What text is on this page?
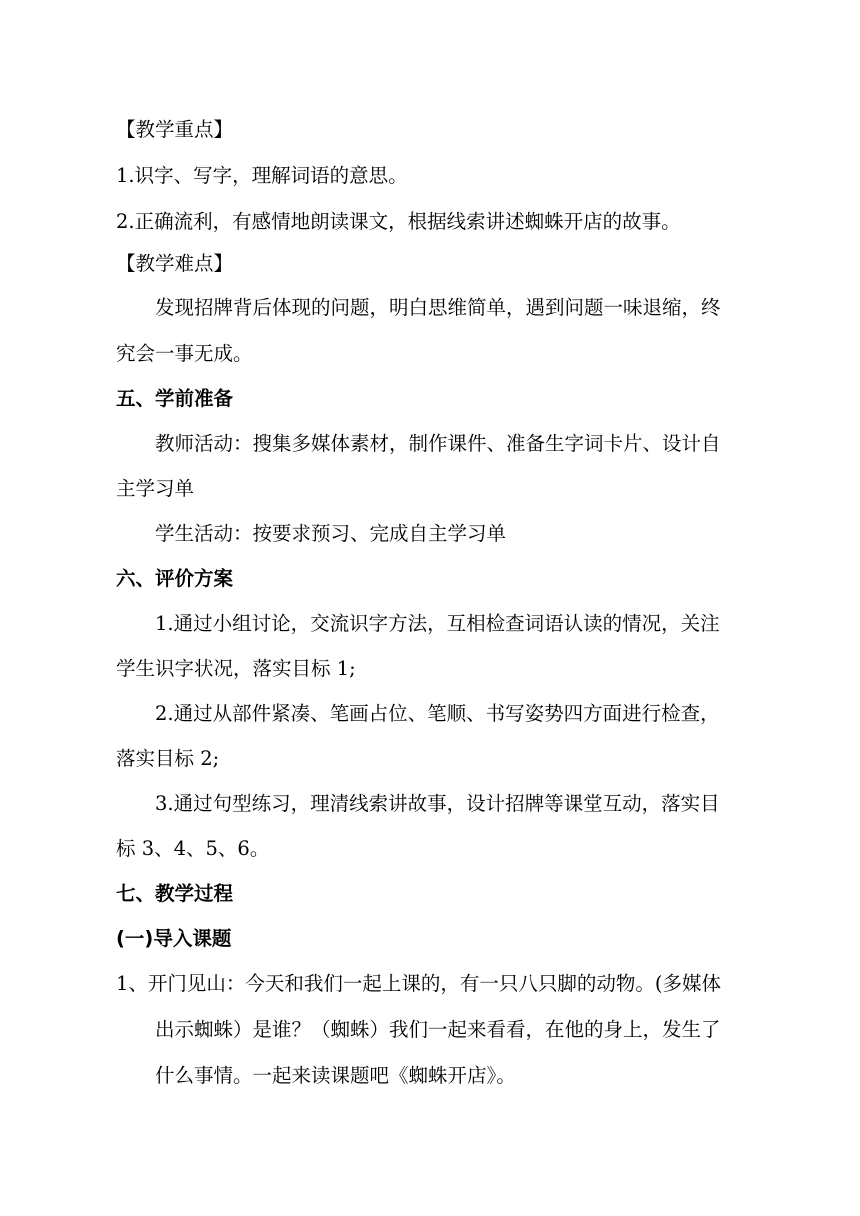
【教学重点】
1.识字、写字，理解词语的意思。
2.正确流利，有感情地朗读课文，根据线索讲述蜘蛛开店的故事。
【教学难点】
发现招牌背后体现的问题，明白思维简单，遇到问题一味退缩，终
究会一事无成。
五、学前准备
教师活动：搜集多媒体素材，制作课件、准备生字词卡片、设计自
主学习单
学生活动：按要求预习、完成自主学习单
六、评价方案
1.通过小组讨论，交流识字方法，互相检查词语认读的情况，关注
学生识字状况，落实目标 1;
2.通过从部件紧凑、笔画占位、笔顺、书写姿势四方面进行检查，
落实目标 2;
3.通过句型练习，理清线索讲故事，设计招牌等课堂互动，落实目
标 3、4、5、6。
七、教学过程
(一)导入课题
1、开门见山：今天和我们一起上课的，有一只八只脚的动物。(多媒体
出示蜘蛛）是谁？（蜘蛛）我们一起来看看，在他的身上，发生了
什么事情。一起来读课题吧《蜘蛛开店》。
